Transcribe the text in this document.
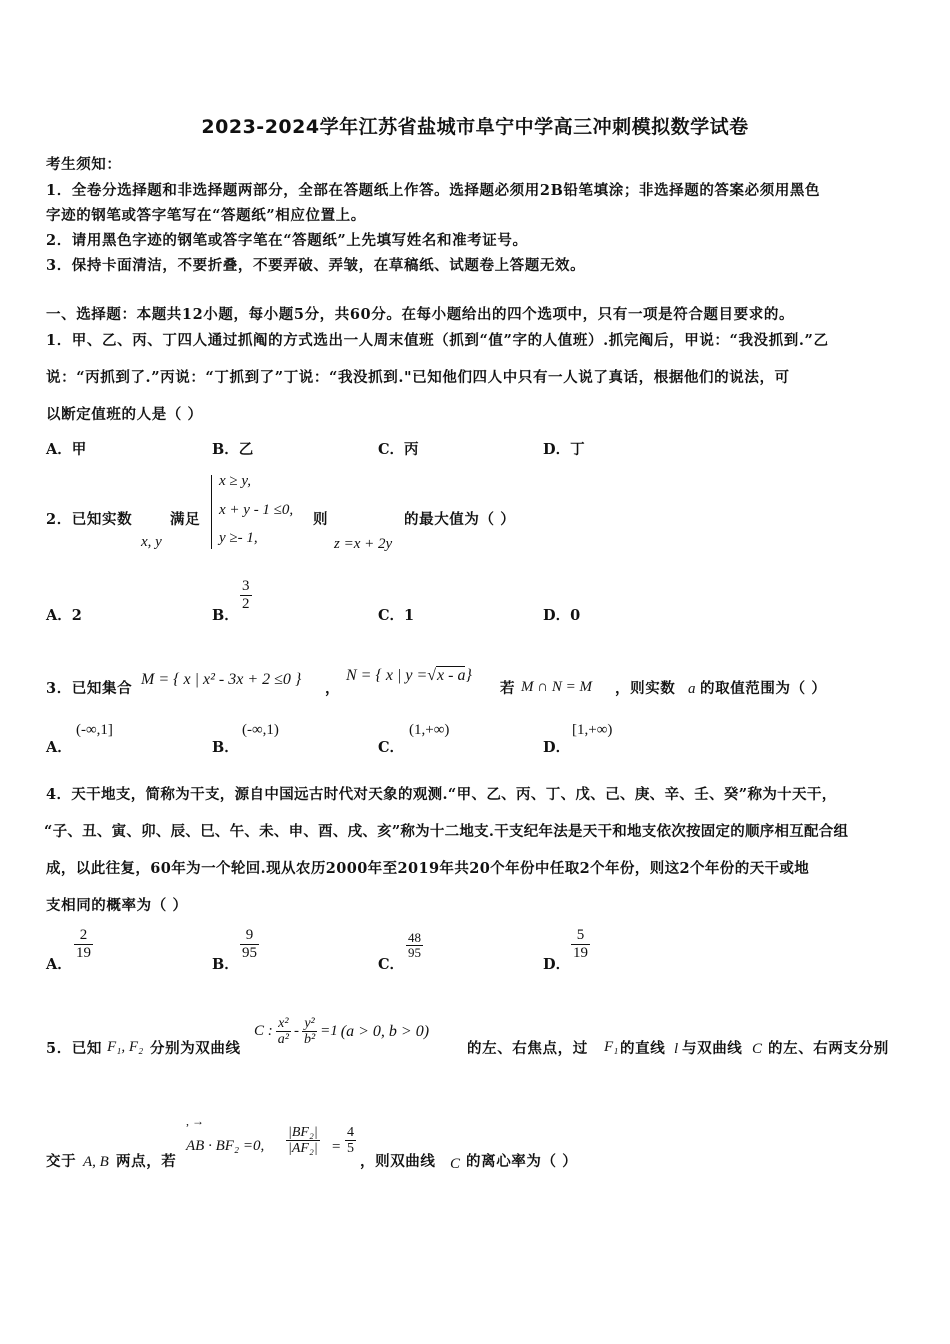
2023-2024学年江苏省盐城市阜宁中学高三冲刺模拟数学试卷
考生须知：
1．全卷分选择题和非选择题两部分，全部在答题纸上作答。选择题必须用2B铅笔填涂；非选择题的答案必须用黑色
字迹的钢笔或答字笔写在“答题纸”相应位置上。
2．请用黑色字迹的钢笔或答字笔在“答题纸”上先填写姓名和准考证号。
3．保持卡面清洁，不要折叠，不要弄破、弄皱，在草稿纸、试题卷上答题无效。
一、选择题：本题共12小题，每小题5分，共60分。在每小题给出的四个选项中，只有一项是符合题目要求的。
1．甲、乙、丙、丁四人通过抓阄的方式选出一人周末值班（抓到“值”字的人值班）.抓完阄后，甲说：“我没抓到.”乙
说：“丙抓到了.”丙说：“丁抓到了”丁说：“我没抓到."已知他们四人中只有一人说了真话，根据他们的说法，可
以断定值班的人是（ ）
A．甲	B．乙	C．丙	D．丁
2．已知实数
x, y
满足
x ≥ y,
x + y - 1 ≤0,
y ≥- 1,
则
z =x + 2y
的最大值为（ ）
A．2	B．
3
2
C．1	D．0
3．已知集合
M = { x | x² - 3x + 2 ≤0 }
，
N = { x | y =√x - a}
若 M ∩ N = M ，则实数 a 的取值范围为（ ）
A．
(-∞,1]
B．
(-∞,1)
C．
(1,+∞)
D．
[1,+∞)
4．天干地支，简称为干支，源自中国远古时代对天象的观测.“甲、乙、丙、丁、戊、己、庚、辛、壬、癸”称为十天干，
“子、丑、寅、卯、辰、巳、午、未、申、酉、戌、亥”称为十二地支.干支纪年法是天干和地支依次按固定的顺序相互配合组
成，以此往复，60年为一个轮回.现从农历2000年至2019年共20个年份中任取2个年份，则这2个年份的天干或地
支相同的概率为（ ）
A．
2
19
B．
9
95
C．
48
95
D．
5
19
5．已知 F₁, F₂ 分别为双曲线
C : $\frac{\text{x²}}{\text{a²}} - \frac{\text{y²}}{\text{b²}} =1$ (a > 0, b > 0)
的左、右焦点，过 F₁ 的直线 l 与双曲线 C 的左、右两支分别
交于 A, B 两点，若
, →
AB · BF₂ =0,
|BF₂|
|AF₂| =
4
5
，则双曲线 C 的离心率为（ ）
